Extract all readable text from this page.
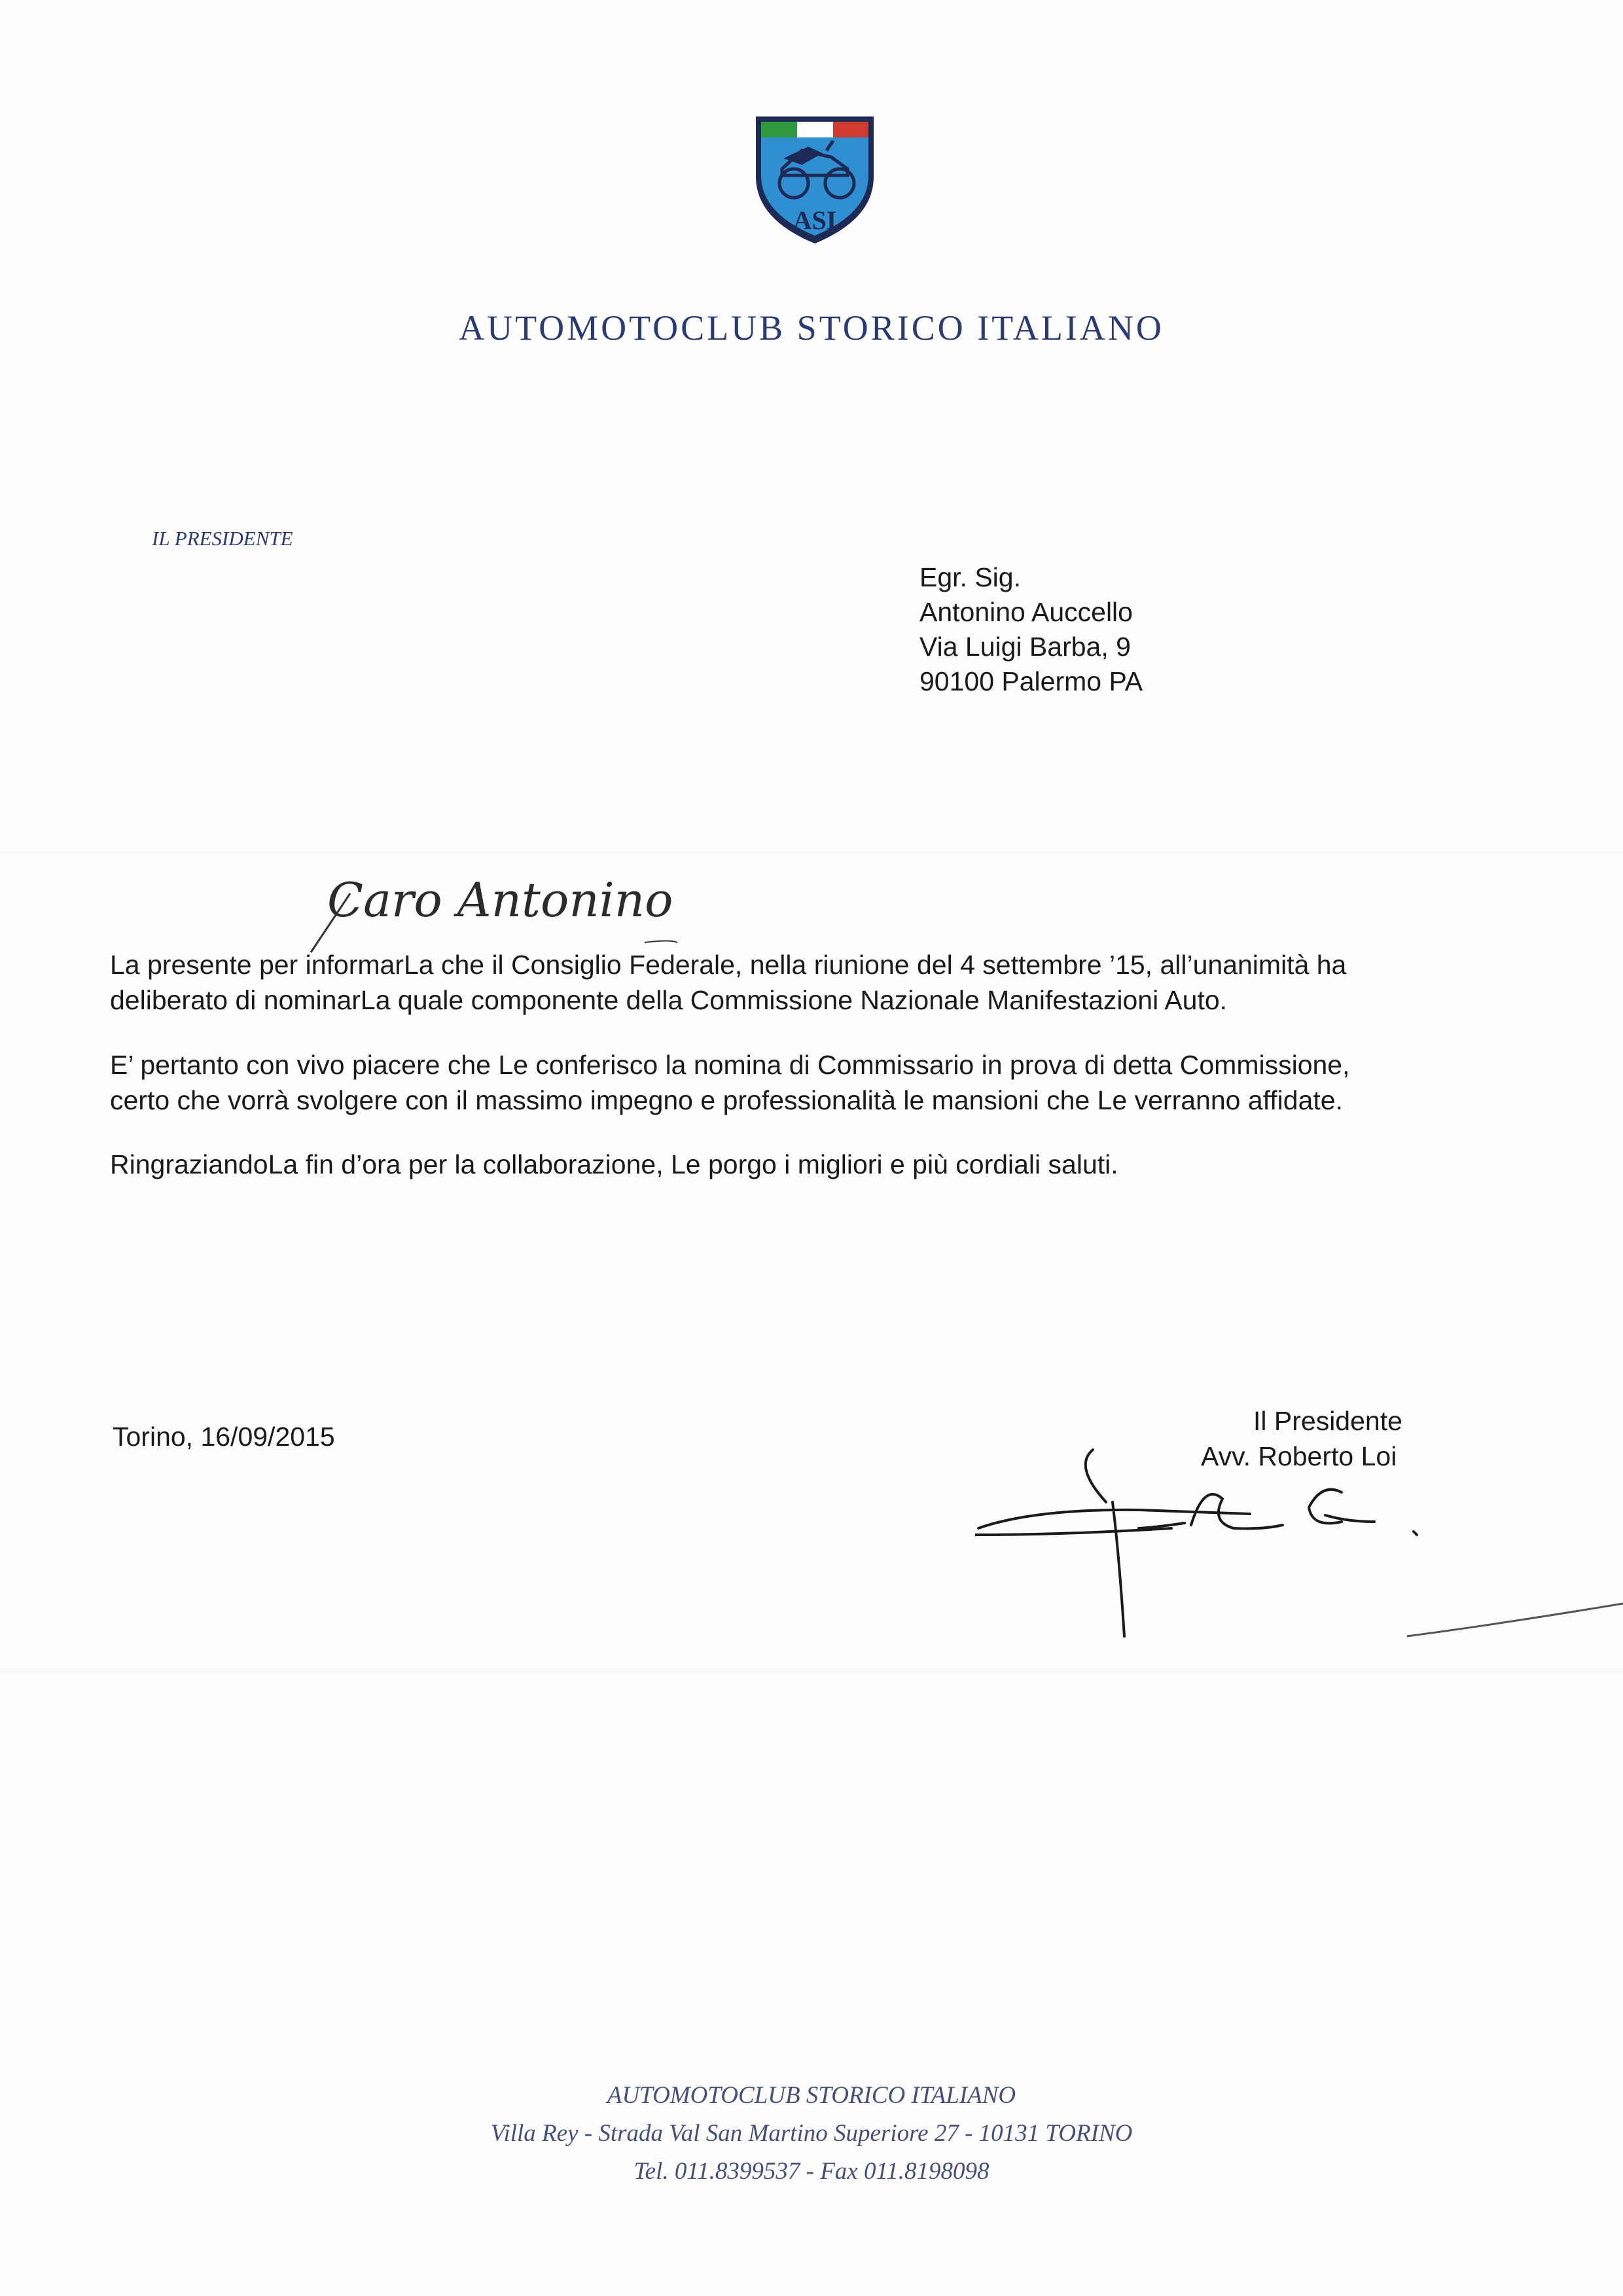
ASI
AUTOMOTOCLUB STORICO ITALIANO
IL PRESIDENTE
Egr. Sig.
Antonino Auccello
Via Luigi Barba, 9
90100 Palermo PA
Caro Antonino
La presente per informarLa che il Consiglio Federale, nella riunione del 4 settembre ’15, all’unanimità ha
deliberato di nominarLa quale componente della Commissione Nazionale Manifestazioni Auto.
E’ pertanto con vivo piacere che Le conferisco la nomina di Commissario in prova di detta Commissione,
certo che vorrà svolgere con il massimo impegno e professionalità le mansioni che Le verranno affidate.
RingraziandoLa fin d’ora per la collaborazione, Le porgo i migliori e più cordiali saluti.
Torino, 16/09/2015
Il Presidente
Avv. Roberto Loi
AUTOMOTOCLUB STORICO ITALIANO
Villa Rey - Strada Val San Martino Superiore 27 - 10131 TORINO
Tel. 011.8399537 - Fax 011.8198098
